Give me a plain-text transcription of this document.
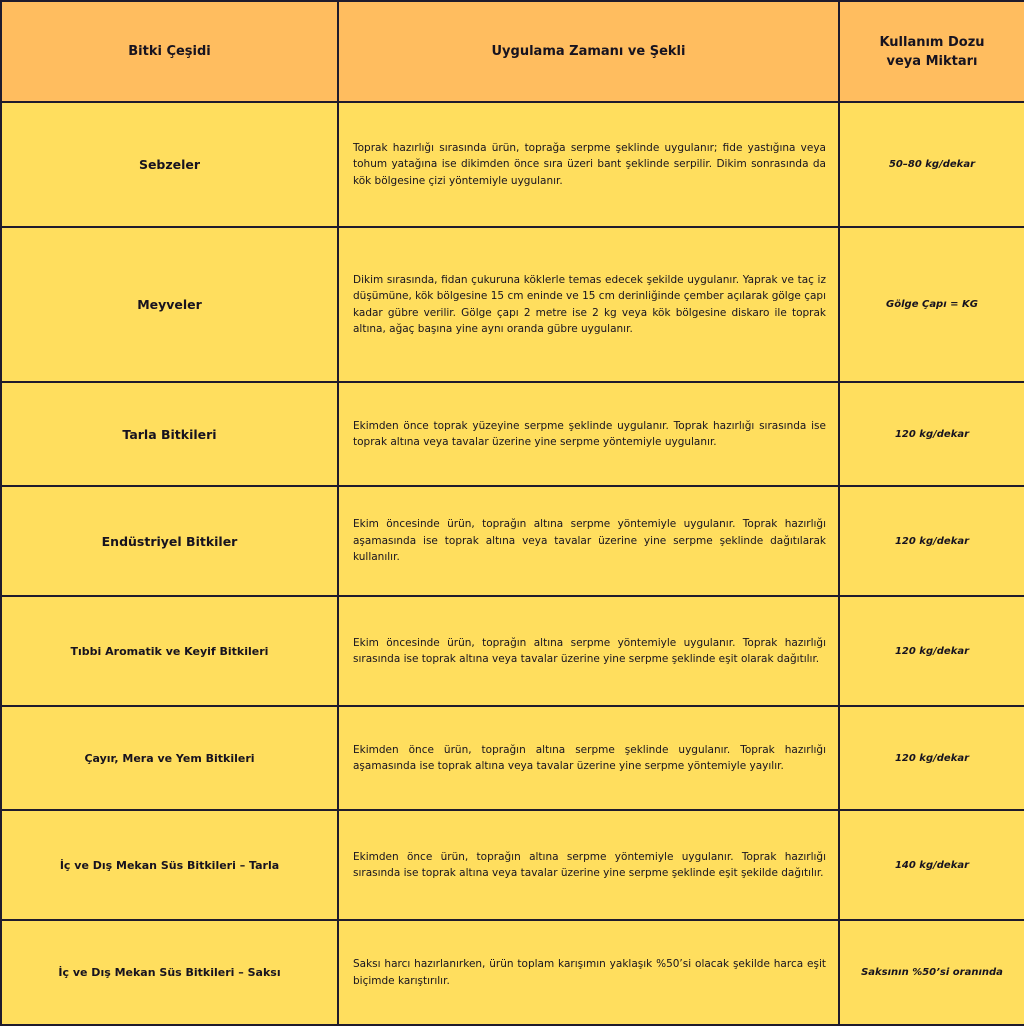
Bitki Çeşidi	Uygulama Zamanı ve Şekli	Kullanım Dozu veya Miktarı
Sebzeler	Toprak hazırlığı sırasında ürün, toprağa serpme şeklinde uygulanır; fide yastığına veya tohum yatağına ise dikimden önce sıra üzeri bant şeklinde serpilir. Dikim sonrasında da kök bölgesine çizi yöntemiyle uygulanır.	50–80 kg/dekar
Meyveler	Dikim sırasında, fidan çukuruna köklerle temas edecek şekilde uygulanır. Yaprak ve taç iz düşümüne, kök bölgesine 15 cm eninde ve 15 cm derinliğinde çember açılarak gölge çapı kadar gübre verilir. Gölge çapı 2 metre ise 2 kg veya kök bölgesine diskaro ile toprak altına, ağaç başına yine aynı oranda gübre uygulanır.	Gölge Çapı = KG
Tarla Bitkileri	Ekimden önce toprak yüzeyine serpme şeklinde uygulanır. Toprak hazırlığı sırasında ise toprak altına veya tavalar üzerine yine serpme yöntemiyle uygulanır.	120 kg/dekar
Endüstriyel Bitkiler	Ekim öncesinde ürün, toprağın altına serpme yöntemiyle uygulanır. Toprak hazırlığı aşamasında ise toprak altına veya tavalar üzerine yine serpme şeklinde dağıtılarak kullanılır.	120 kg/dekar
Tıbbi Aromatik ve Keyif Bitkileri	Ekim öncesinde ürün, toprağın altına serpme yöntemiyle uygulanır. Toprak hazırlığı sırasında ise toprak altına veya tavalar üzerine yine serpme şeklinde eşit olarak dağıtılır.	120 kg/dekar
Çayır, Mera ve Yem Bitkileri	Ekimden önce ürün, toprağın altına serpme şeklinde uygulanır. Toprak hazırlığı aşamasında ise toprak altına veya tavalar üzerine yine serpme yöntemiyle yayılır.	120 kg/dekar
İç ve Dış Mekan Süs Bitkileri – Tarla	Ekimden önce ürün, toprağın altına serpme yöntemiyle uygulanır. Toprak hazırlığı sırasında ise toprak altına veya tavalar üzerine yine serpme şeklinde eşit şekilde dağıtılır.	140 kg/dekar
İç ve Dış Mekan Süs Bitkileri – Saksı	Saksı harcı hazırlanırken, ürün toplam karışımın yaklaşık %50’si olacak şekilde harca eşit biçimde karıştırılır.	Saksının %50’si oranında
